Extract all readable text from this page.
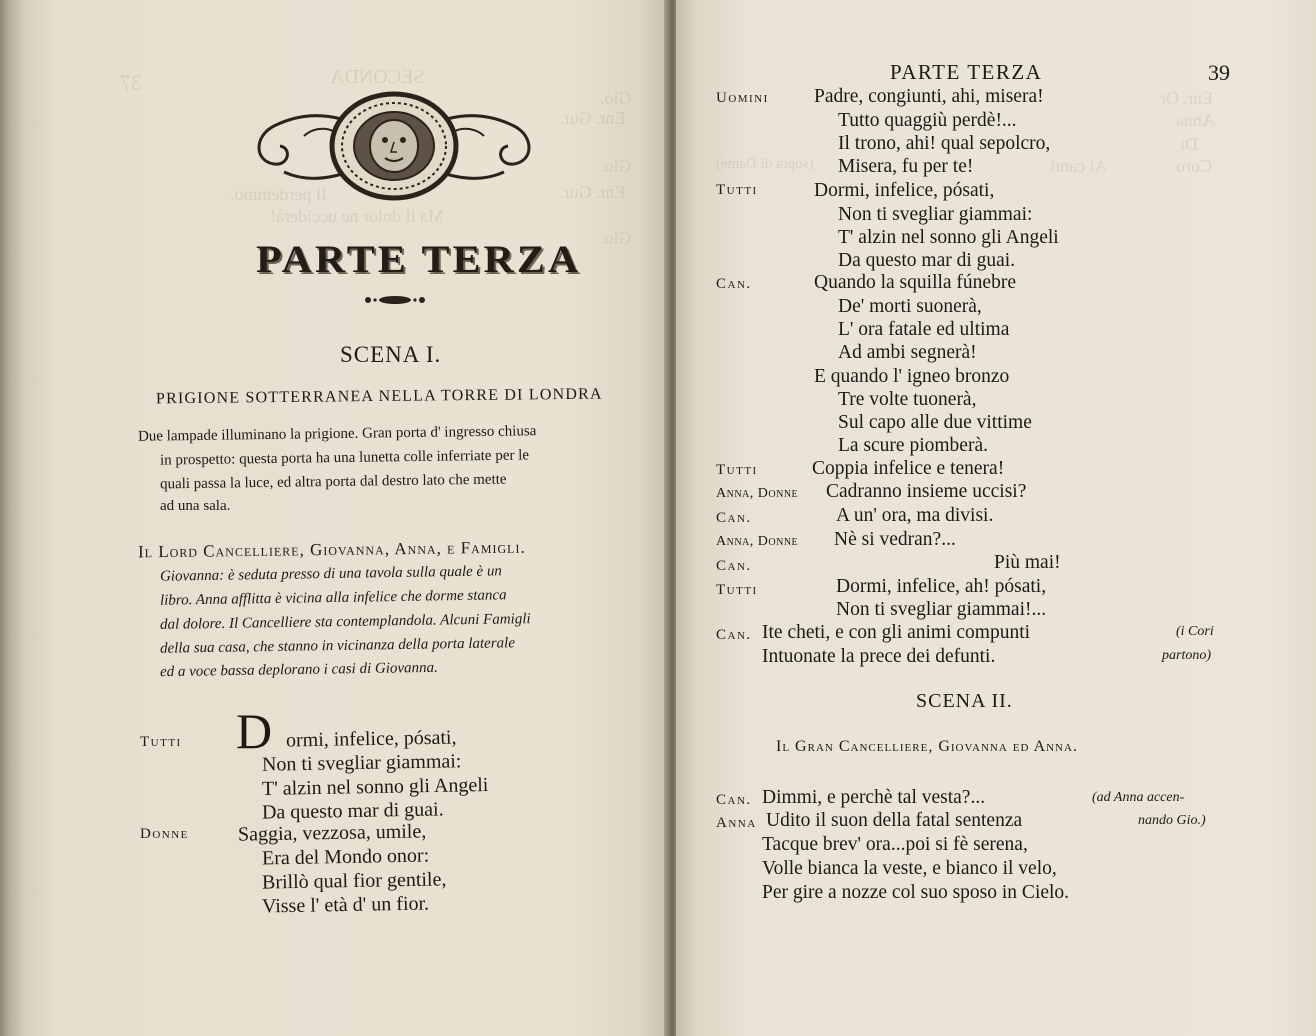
37	SECONDA
Gio.
Enr. Gur.
Gio.
Enr. Gur.
Gio.
Il perdemmo.
Ma il dolor ne ucciderà!
PARTE TERZA
SCENA I.
PRIGIONE SOTTERRANEA NELLA TORRE DI LONDRA
Due lampade illuminano la prigione. Gran porta d' ingresso chiusa
in prospetto: questa porta ha una lunetta colle inferriate per le
quali passa la luce, ed altra porta dal destro lato che mette
ad una sala.
Il Lord Cancelliere, Giovanna, Anna, e Famigli.
Giovanna: è seduta presso di una tavola sulla quale è un
libro. Anna afflitta è vicina alla infelice che dorme stanca
dal dolore. Il Cancelliere sta contemplandola. Alcuni Famigli
della sua casa, che stanno in vicinanza della porta laterale
ed a voce bassa deplorano i casi di Giovanna.
Tutti D ormi, infelice, pósati,
Non ti svegliar giammai:
T' alzin nel sonno gli Angeli
Da questo mar di guai.
Donne Saggia, vezzosa, umile,
Era del Mondo onor:
Brillò qual fior gentile,
Visse l' età d' un fior.
Enr. Or
Anna
Di
Coro
(sopra di Dame)	Ai canti
PARTE TERZA	39
Uomini Padre, congiunti, ahi, misera!
Tutto quaggiù perdè!...
Il trono, ahi! qual sepolcro,
Misera, fu per te!
Tutti	Dormi, infelice, pósati,
Non ti svegliar giammai:
T' alzin nel sonno gli Angeli
Da questo mar di guai.
Can.	Quando la squilla fúnebre
De' morti suonerà,
L' ora fatale ed ultima
Ad ambi segnerà!
E quando l' igneo bronzo
Tre volte tuonerà,
Sul capo alle due vittime
La scure piomberà.
Tutti	Coppia infelice e tenera!
Anna, Donne Cadranno insieme uccisi?
Can.	A un' ora, ma divisi.
Anna, Donne Nè si vedran?...
Can.	Più mai!
Tutti	Dormi, infelice, ah! pósati,
Non ti svegliar giammai!...
Can. Ite cheti, e con gli animi compunti
Intuonate la prece dei defunti.
(i Cori
partono)
SCENA II.
Il Gran Cancelliere, Giovanna ed Anna.
Can. Dimmi, e perchè tal vesta?...	(ad Anna accen-
Anna Udito il suon della fatal sentenza	nando Gio.)
Tacque brev' ora...poi si fè serena,
Volle bianca la veste, e bianco il velo,
Per gire a nozze col suo sposo in Cielo.
